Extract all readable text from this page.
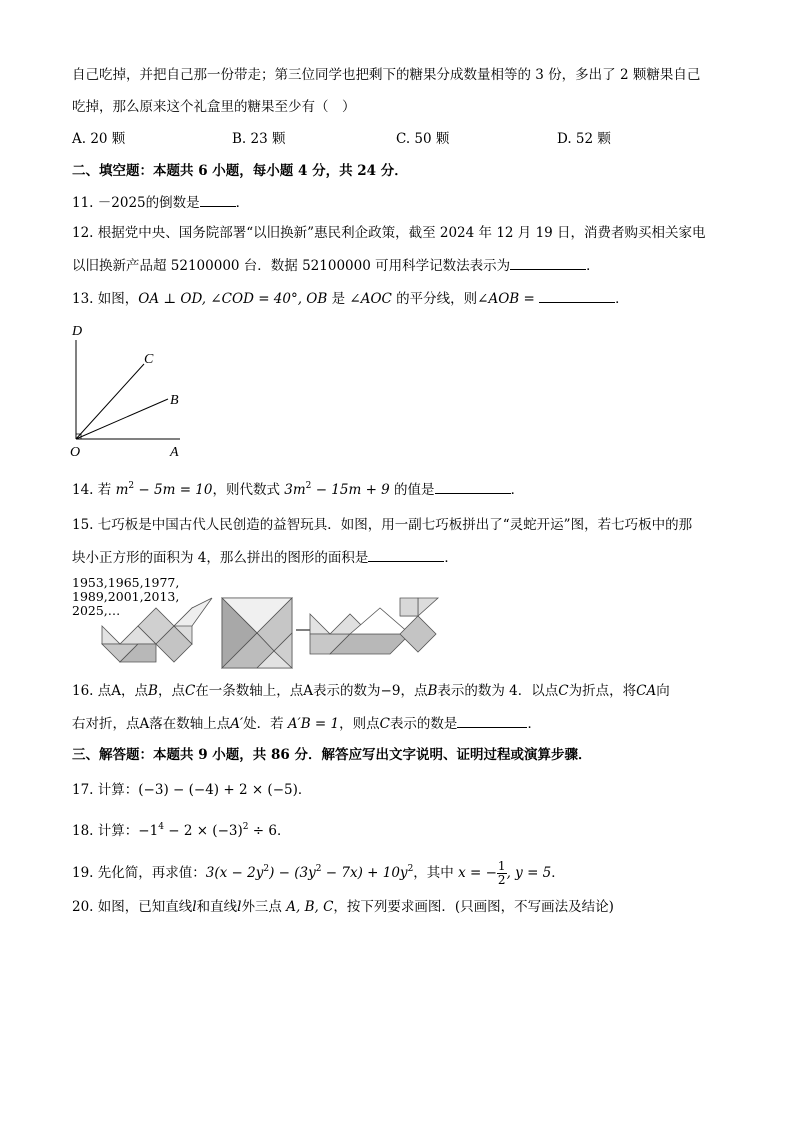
自己吃掉，并把自己那一份带走；第三位同学也把剩下的糖果分成数量相等的 3 份，多出了 2 颗糖果自己
吃掉，那么原来这个礼盒里的糖果至少有（　）
A. 20 颗	B. 23 颗	C. 50 颗	D. 52 颗
二、填空题：本题共 6 小题，每小题 4 分，共 24 分．
11. －2025的倒数是	．
12. 根据党中央、国务院部署“以旧换新”惠民利企政策，截至 2024 年 12 月 19 日，消费者购买相关家电
以旧换新产品超 52100000 台．数据 52100000 可用科学记数法表示为	．
13. 如图，OA ⊥ OD, ∠COD = 40°, OB 是 ∠AOC 的平分线，则∠AOB =	．
D
C
B
O	A
14. 若 $m^2 - 5m = 10$，则代数式 $3m^2 - 15m + 9$ 的值是	．
15. 七巧板是中国古代人民创造的益智玩具．如图，用一副七巧板拼出了“灵蛇开运”图，若七巧板中的那
块小正方形的面积为 4，那么拼出的图形的面积是	．
1953,1965,1977,
1989,2001,2013,
2025,…
16. 点A，点B，点C在一条数轴上，点A表示的数为−9，点B表示的数为 4．以点C为折点，将CA向
右对折，点A落在数轴上点A′处．若 A′B = 1，则点C表示的数是	．
三、解答题：本题共 9 小题，共 86 分．解答应写出文字说明、证明过程或演算步骤．
17. 计算：(−3) − (−4) + 2 × (−5)．
18. 计算：$-1^4 - 2 \times (-3)^2 \div 6$．
19. 先化简，再求值：$3(x - 2y^2) - (3y^2 - 7x) + 10y^2$，其中 x = − $\frac{1}{2}$ , y = 5．
20. 如图，已知直线l和直线l外三点 A, B, C，按下列要求画图．(只画图，不写画法及结论)
